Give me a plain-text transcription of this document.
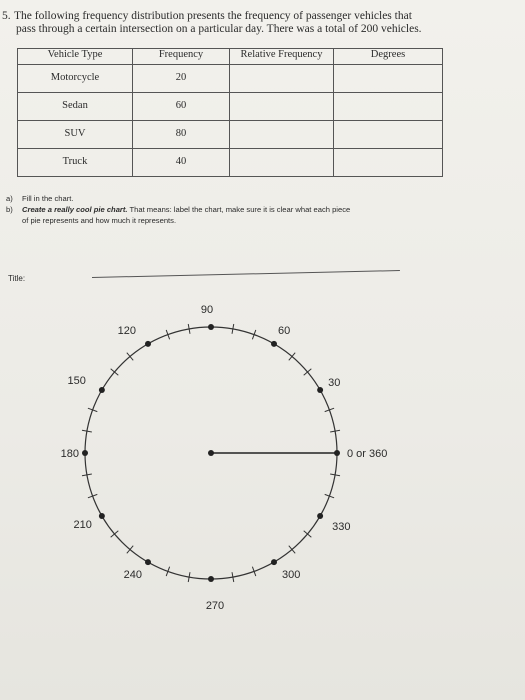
5. The following frequency distribution presents the frequency of passenger vehicles that
pass through a certain intersection on a particular day. There was a total of 200 vehicles.
Vehicle Type	Frequency	Relative Frequency	Degrees

Motorcycle	20		

Sedan	60		

SUV	80		

Truck	40		

a)	Fill in the chart.
b)	Create a really cool pie chart. That means: label the chart, make sure it is clear what each piece
of pie represents and how much it represents.
Title:
0 or 360
30
60
90
120
150
180
210
240
270
300
330
